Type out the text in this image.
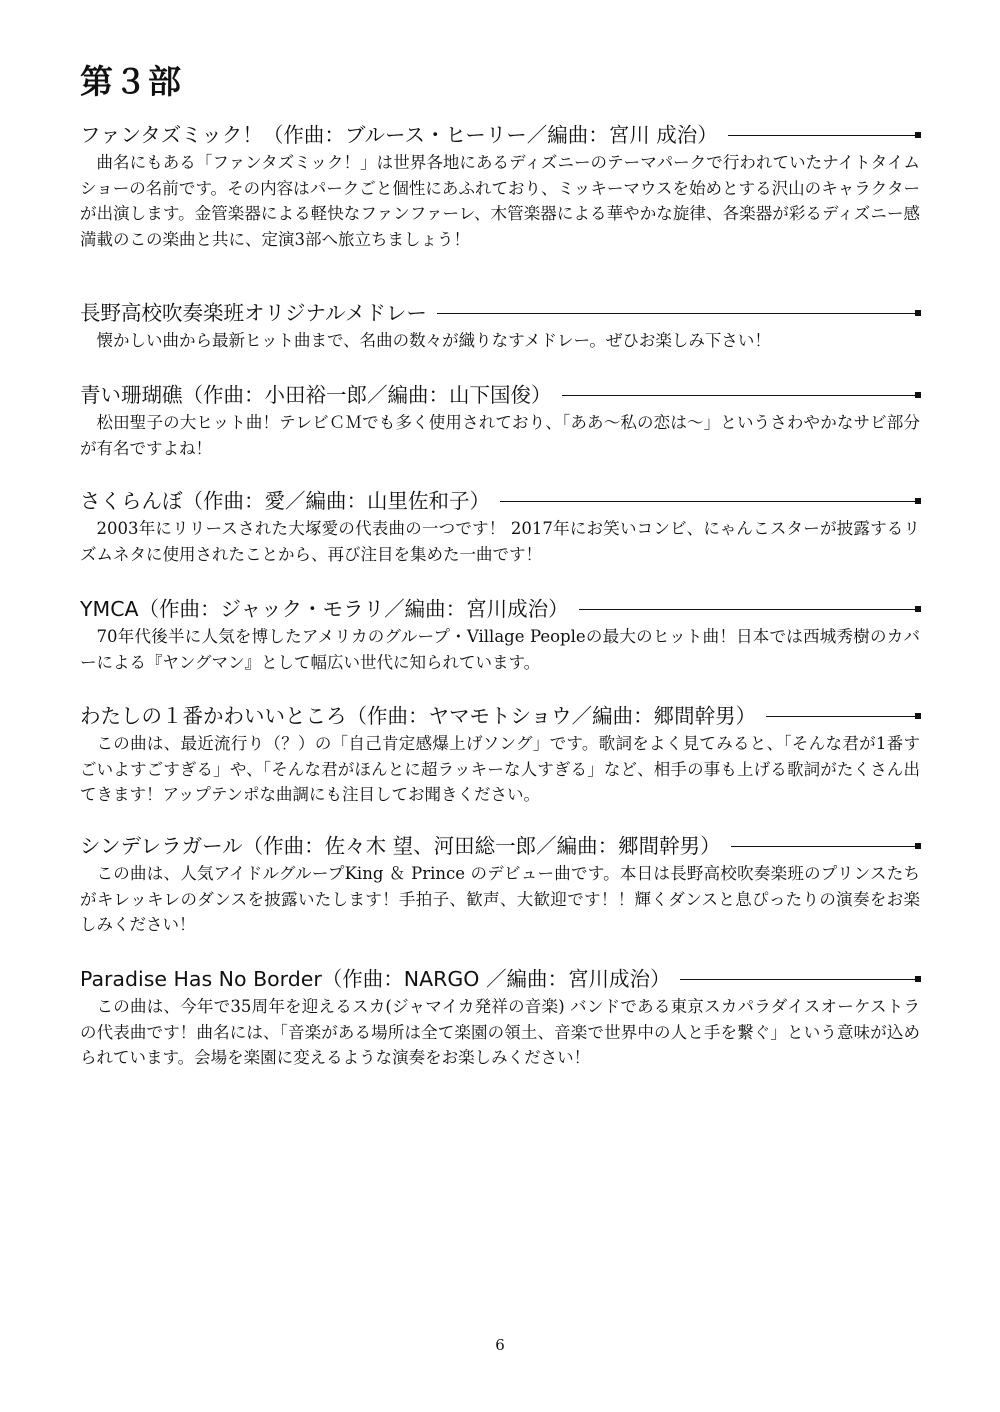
第３部
ファンタズミック！（作曲：ブルース・ヒーリー／編曲：宮川 成治）

曲名にもある「ファンタズミック！」は世界各地にあるディズニーのテーマパークで行われていたナイトタイムショーの名前です。その内容はパークごと個性にあふれており、ミッキーマウスを始めとする沢山のキャラクターが出演します。金管楽器による軽快なファンファーレ、木管楽器による華やかな旋律、各楽器が彩るディズニー感満載のこの楽曲と共に、定演3部へ旅立ちましょう！

長野高校吹奏楽班オリジナルメドレー

懐かしい曲から最新ヒット曲まで、名曲の数々が織りなすメドレー。ぜひお楽しみ下さい！

青い珊瑚礁（作曲：小田裕一郎／編曲：山下国俊）

松田聖子の大ヒット曲！テレビＣＭでも多く使用されており、「ああ〜私の恋は〜」というさわやかなサビ部分が有名ですよね！

さくらんぼ（作曲：愛／編曲：山里佐和子）

2003年にリリースされた大塚愛の代表曲の一つです！ 2017年にお笑いコンビ、にゃんこスターが披露するリズムネタに使用されたことから、再び注目を集めた一曲です！

YMCA（作曲：ジャック・モラリ／編曲：宮川成治）

70年代後半に人気を博したアメリカのグループ・Village Peopleの最大のヒット曲！日本では西城秀樹のカバーによる『ヤングマン』として幅広い世代に知られています。

わたしの１番かわいいところ（作曲：ヤマモトショウ／編曲：郷間幹男）

この曲は、最近流行り（？）の「自己肯定感爆上げソング」です。歌詞をよく見てみると、「そんな君が1番すごいよすごすぎる」や、「そんな君がほんとに超ラッキーな人すぎる」など、相手の事も上げる歌詞がたくさん出てきます！アップテンポな曲調にも注目してお聞きください。

シンデレラガール（作曲：佐々木 望、河田総一郎／編曲：郷間幹男）

この曲は、人気アイドルグループKing ＆ Prince のデビュー曲です。本日は長野高校吹奏楽班のプリンスたちがキレッキレのダンスを披露いたします！手拍子、歓声、大歓迎です！！輝くダンスと息ぴったりの演奏をお楽しみください！

Paradise Has No Border（作曲：NARGO ／編曲：宮川成治）

この曲は、今年で35周年を迎えるスカ(ジャマイカ発祥の音楽) バンドである東京スカパラダイスオーケストラの代表曲です！曲名には、「音楽がある場所は全て楽園の領土、音楽で世界中の人と手を繋ぐ」という意味が込められています。会場を楽園に変えるような演奏をお楽しみください！

6
